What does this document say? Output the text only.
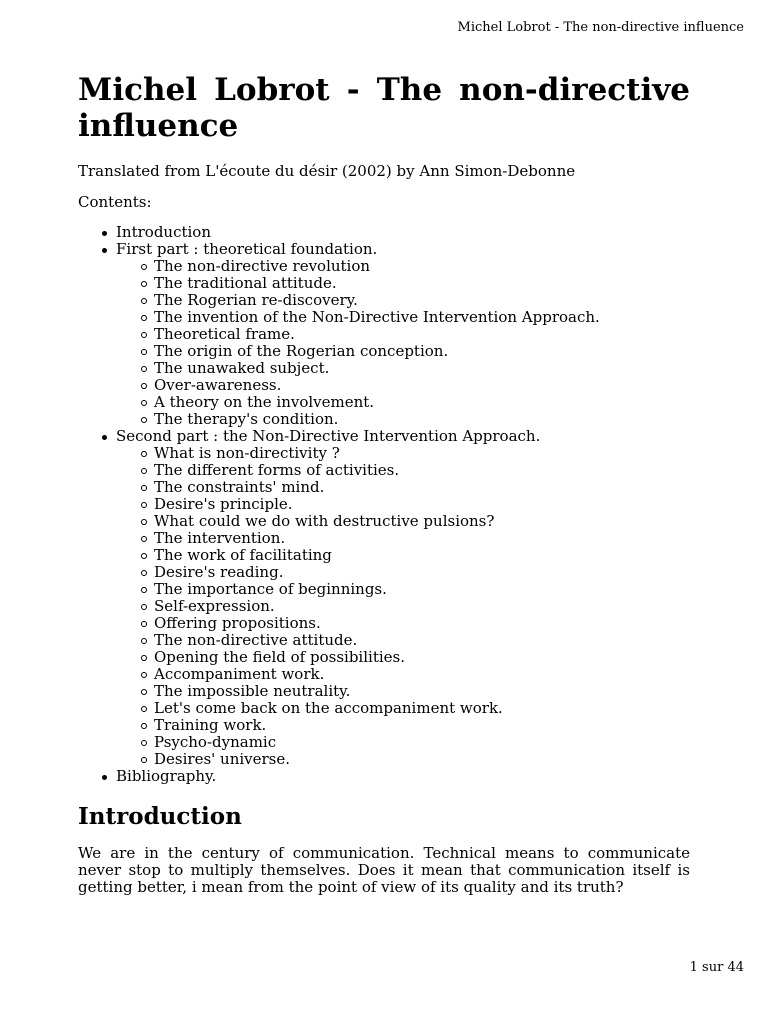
Michel Lobrot - The non-directive influence
Michel Lobrot - The non-directive influence

Translated from L'écoute du désir (2002) by Ann Simon-Debonne

Contents:

Introduction
First part : theoretical foundation.
The non-directive revolution
The traditional attitude.
The Rogerian re-discovery.
The invention of the Non-Directive Intervention Approach.
Theoretical frame.
The origin of the Rogerian conception.
The unawaked subject.
Over-awareness.
A theory on the involvement.
The therapy's condition.
Second part : the Non-Directive Intervention Approach.
What is non-directivity ?
The different forms of activities.
The constraints' mind.
Desire's principle.
What could we do with destructive pulsions?
The intervention.
The work of facilitating
Desire's reading.
The importance of beginnings.
Self-expression.
Offering propositions.
The non-directive attitude.
Opening the field of possibilities.
Accompaniment work.
The impossible neutrality.
Let's come back on the accompaniment work.
Training work.
Psycho-dynamic
Desires' universe.
Bibliography.
Introduction

We are in the century of communication. Technical means to communicate never stop to multiply themselves. Does it mean that communication itself is getting better, i mean from the point of view of its quality and its truth?

1 sur 44
